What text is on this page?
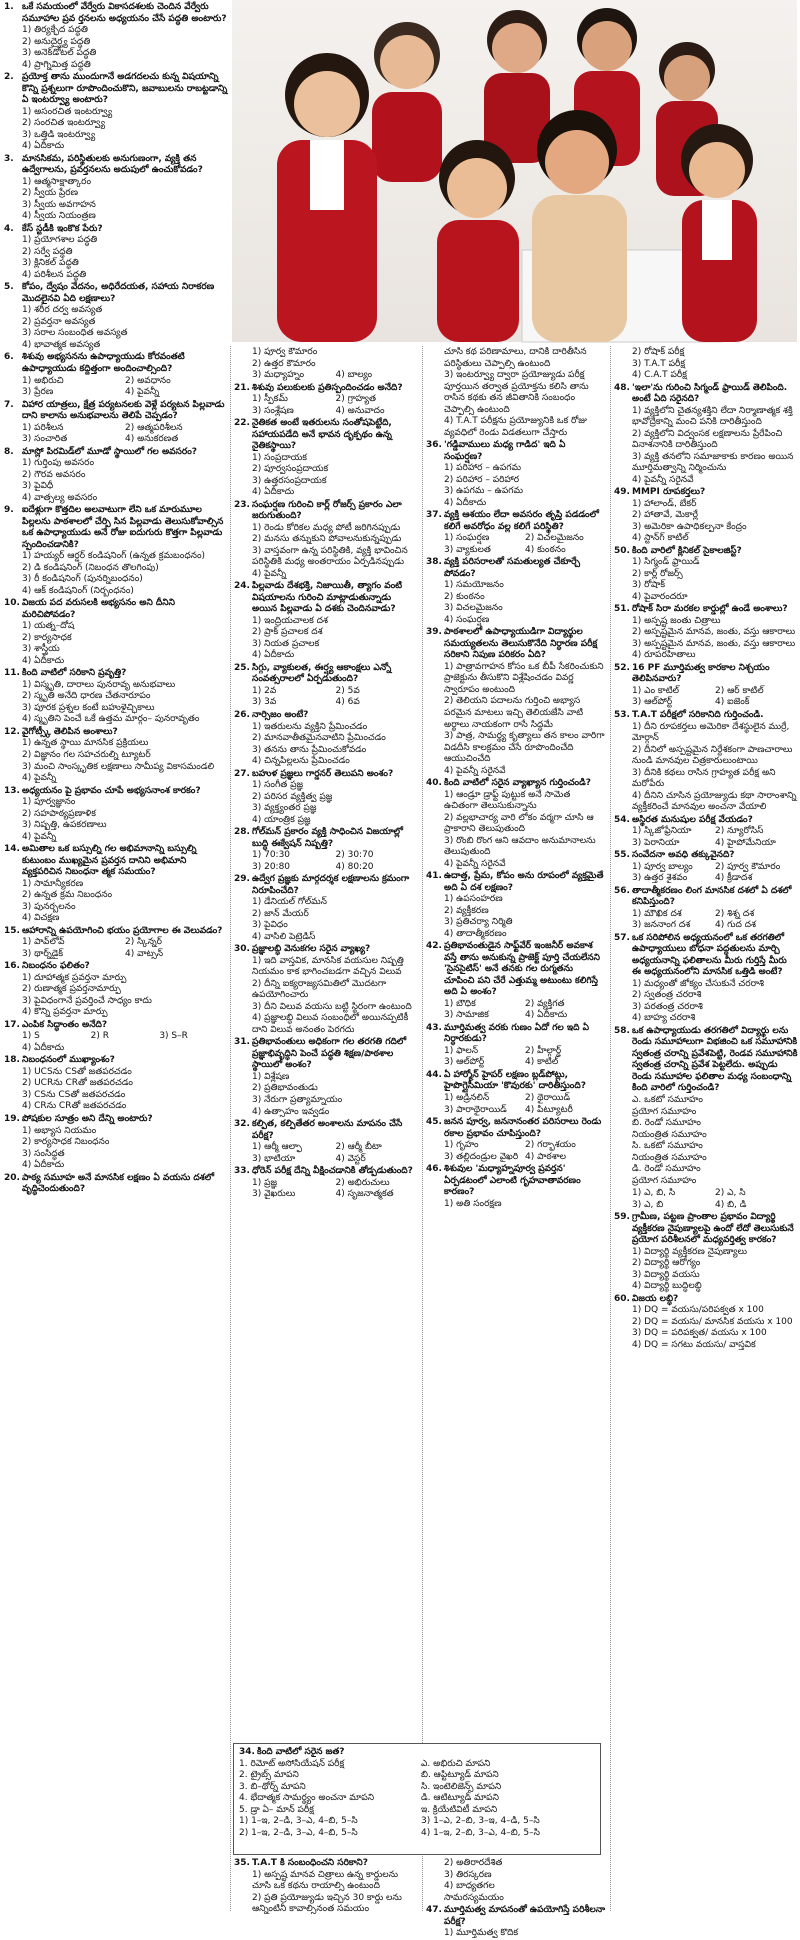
1. ఒకే సమయంలో వేర్వేరు వికాసదశలకు చెందిన వేర్వేరు సమూహాల ప్రవ ర్తనలను అధ్యయనం చేసే పద్ధతి అంటారు?
1) తిర్యక్ఛేద పద్ధతి
2) అనుదైర్ఘ్య పద్ధతి
3) అనెక్‌డోటల్ పద్ధతి
4) ప్రాగ్నిమిత్త పద్ధతి
2. ప్రయోక్త తాను ముందుగానే అడగదలచు కున్న విషయాన్ని కొన్ని ప్రశ్నలుగా రూపొందించుకొని, జవాబులను రాబట్టడాన్ని ఏ ఇంటర్వ్యూ అంటారు?
1) అసంరచిత ఇంటర్వ్యూ
2) సంరచిత ఇంటర్వ్యూ
3) ఒత్తిడి ఇంటర్వ్యూ
4) ఏదీకాదు
3. మానసికమ, పరిస్థితులకు అనుగుణంగా, వ్యక్తి తన ఉద్వేగాలను, ప్రవర్తనలను అదుపులో ఉంచుకోవడం?
1) ఆత్మసాక్షాత్కారం
2) స్వీయ ప్రేరణ
3) స్వీయ అవగాహన
4) స్వీయ నియంత్రణ
4. కేస్ స్టడీకి ఇంకొక పేరు?
1) ప్రయోగశాల పద్ధతి
2) సర్వే పద్ధతి
3) క్లినికల్ పద్ధతి
4) పరిశీలన పద్ధతి
5. కోపం, ద్వేషం వేదనం, అధిరేదయత, సహాయ నిరాకరణ మొదలైనవి ఏది లక్షణాలు?
1) శరీర దర్వ అవస్యత
2) ప్రవర్తనా అవస్యత
3) సరాల సంబంధిత అవస్యత
4) భావాత్మక అవస్యత
6. శిశువు అభ్యసనను ఉపాధ్యాయుడు కోరవంతటి ఉపాధ్యాయుడు కద్దిత్తంగా అందించాల్సింది?
1) అభిరుచి	2) అవధానం
3) ప్రేరణ	4) పైవన్నీ
7. విహార యాత్రలు, క్షేత్ర పర్యటనలకు వెళ్లే పర్యటన పిల్లవాడు దాని కాలాను అనుభవాలను తెలిపే చెప్పడం?
1) పరిశీలన	2) ఆత్మపరిశీలన
3) సంచారిత	4) అనుకరణత
8. మాస్లో పిరమిడ్‌లో మూడో స్థాయిలో గల అవసరం?
1) గుర్తింపు అవసరం
2) గౌరవ అవసరం
3) పైవిధీ
4) వాత్సల్య అవసరం
9. ఐదేళ్లుగా కొత్తదిల అలవాటుగా లేని ఒక మారుమూల పిల్లలను పాఠశాలలో చేర్పి సిన పిల్లవాడు తెలుసుకోవాల్సిన ఒక ఉపాధ్యాయుడు అనే రోజు ఐదుగురు కొత్తగా పిల్లవాడు స్పందించడానికి?
1) హయ్యర్ ఆర్డర్ కండిషనింగ్ (ఉన్నత క్రమబంధనం)
2) డి కండిషనింగ్ (నిబంధన తొలగింపు)
3) రీ కండిషనింగ్ (పునర్నిబంధనం)
4) ఆక్ కండిషనింగ్ (నిర్బంధనం)
10. విజయ పద వరుసలకి అభ్యసనం అని దీనిని మరిచిపోవడం?
1) యత్న–దోష
2) కార్యసాధక
3) శాస్త్రీయ
4) ఏదీకాదు
11. కింది వాటిలో సరికాని ప్రవృత్తి?
1) విస్మృతి, దారాలు పునరావృ అనుభవాలు
2) స్మృతి అనేది ధారణ చేతనారూపం
3) పూరక ప్రశ్నల కంటే బహుళైచ్ఛికాలు
4) స్మృతిని పెంచే ఒకే ఉత్తమ మార్గం– పునరావృతం
12. వైగోట్స్కీ తెలిపిన అంశాలు?
1) ఉన్నత స్థాయి మానసిక ప్రక్రియలు
2) విజ్ఞానం గల సహచరుల్ని ట్యూటర్
3) మంచి సాంస్కృతిక లక్షణాలు సామీప్య వికాసమండలి
4) పైవన్నీ
13. అధ్యయనం పై ప్రభావం చూపే అభ్యసనాంశ కారకం?
1) పూర్వజ్ఞానం
2) సహపాఠ్యప్రణాళిక
3) నిష్పత్తి, ఉపకరణాలు
4) పైవన్నీ
14. అమితాల ఒక బస్సుల్ని గల అభిమానాన్ని బస్సుల్ని కుటుంబం ముఖ్యమైన ప్రవర్తన దానిని అభిమాని వ్యక్తపరిచిన నిబంధనా త్మక సమయం?
1) సామాన్యీకరణ
2) ఉన్నత క్రమ నిబంధనం
3) పునర్బలనం
4) విచక్షణ
15. ఆహారాన్ని ఉపయోగించి భయం ప్రయోగాల ఈ వెలువడం?
1) పావ్‌లోవ్	2) స్కిన్నర్
3) థార్న్‌డైక్	4) వాట్సన్
16. నిబంధనం ఫలితం?
1) దూహాత్మక ప్రవర్తనా మార్పు
2) రుణాత్మక ప్రవర్తనామార్పు
3) పైవిధంగానే ప్రవర్తించే సాధ్యం కాదు
4) కొన్ని ప్రవర్తనా మార్పు
17. ఎంపిక సిద్ధాంతం అనేది?
1) S	2) R	3) S–R
4) ఏదీకాదు
18. నిబంధనంలో ముఖ్యాంశం?
1) UCSను CSతో జతపరచడం
2) UCRను CRతో జతపరచడం
3) CSను CSతో జతపరచడం
4) CRను CRతో జతపరచడం
19. పోషకుల సూత్రం అని దేన్ని అంటారు?
1) అభ్యాస నియమం
2) కార్యసాధక నిబంధనం
3) సంసిద్ధత
4) ఏదీకాదు
20. పాఠ్య సమూహ అనే మానసిక లక్షణం ఏ వయసు దశలో వృద్ధిచెందుతుంది?
1) పూర్వ కౌమారం
2) ఉత్తర కౌమారం
3) మధ్యాహ్నం	4) బాల్యం
21. శిశువు పలుకులకు ప్రతిస్పందించడం అనేది?
1) స్పీకమ్	2) గ్రాహ్యత
3) సంశ్లేషణ	4) అనువాదం
22. నైతికత అంటే ఇతరులను సంతోషపెట్టేది, సహాయపడేది అనే భావన దృక్పథం ఉన్న నైతికస్థాయి?
1) సంప్రదాయక
2) పూర్వసంప్రదాయక
3) ఉత్తరసంప్రదాయక
4) ఏదీకాదు
23. సంఘర్షణ గురించి కార్ల్ రోజర్స్ ప్రకారం ఎలా జరుగుతుంది?
1) రెండు కోరికల మధ్య పోటీ జరిగినప్పుడు
2) మనసు తన్నుకుని పోవాలనుకున్నప్పుడు
3) వాస్తవంగా ఉన్న పరిస్థితికి, వ్యక్తి భావించిన పరిస్థితికి మధ్య అంతరాయం ఏర్పడినప్పుడు
4) పైవన్నీ
24. పిల్లవాడు దేశభక్తి, నిజాయితీ, త్యాగం వంటి విషయాలను గురించి మాట్లాడుతున్నాడు అయిన పిల్లవాడు ఏ దశకు చెందినవాడు?
1) ఇంద్రియచాలక దశ
2) ప్రాక్ ప్రచాలక దశ
3) నియత ప్రచాలక
4) ఏదీకాదు
25. సిగ్గు, వ్యాకులత, ఈర్ష్య ఆకాంక్షలు ఎన్నో సంవత్సరాలలో ఏర్పడుతుంది?
1) 2వ	2) 5వ
3) 3వ	4) 6వ
26. నార్సిజం అంటే?
1) ఇతరులను వ్యక్తిని ప్రేమించడం
2) మానవాతీతమైనవాటిని ప్రేమించడం
3) తనను తాను ప్రేమించుకోవడం
4) చిన్నపిల్లలను ప్రేమించడం
27. బహుళ ప్రజ్ఞలు గార్డనర్ తెలుపని అంశం?
1) సంగీత ప్రజ్ఞ
2) పరిసర వ్యక్తిత్వ ప్రజ్ఞ
3) వ్యక్త్యంతర ప్రజ్ఞ
4) యాంత్రిక ప్రజ్ఞ
28. గోల్‌మన్ ప్రకారం వ్యక్తి సాధించిన విజయాల్లో బుద్ధి ఈక్వేషన్ నిష్పత్తి?
1) 70:30	2) 30:70
3) 20:80	4) 80:20
29. ఉద్వేగ ప్రజ్ఞకు మార్గదర్శక లక్షణాలను క్రమంగా నిరూపించేది?
1) డేనియల్ గోల్‌మన్
2) జాన్ మేయర్
3) పైవిధం
4) వాసిలి పెట్రెడిస్
30. ప్రజ్ఞాలబ్ధి వెనుకగల సరైన వ్యాఖ్య?
1) ఇది వాస్తవిక, మానసిక వయసుల నిష్పత్తి నియమం కాక భాగించబడగా వచ్చిన విలువ
2) దీన్ని ఐక్యరాజ్యసమితిలో మొదటగా ఉపయోగించారు
3) దీని విలువ వయసు బట్టి స్థిరంగా ఉంటుంది
4) ప్రజ్ఞాలబ్ధి విలువ సంబంధిలో అయినప్పటికీ దాని విలువ అనంతం పెరగదు
31. ప్రతిభావంతులు అధికంగా గల తరగతి గదిలో ప్రజ్ఞాభివృద్ధిని పెంచే పద్ధతి శిక్షణ/పాఠశాల స్థాయిలో అంశం?
1) విశ్లేషణ
2) ప్రతిభావంతుడు
3) నేరుగా ప్రత్యామ్నాయం
4) ఉత్సాహం ఇవ్వడం
32. కల్పిత, కల్పితేతర అంశాలను మాపనం చేసే పరీక్ష?
1) ఆర్మీ ఆల్ఫా	2) ఆర్మీ బీటా
3) భాటియా	4) వెస్టర్
33. ధోరెన్ పరీక్ష దేన్ని వీక్షించడానికి తోడ్పడుతుంది?
1) ప్రజ్ఞ	2) అభిరుచులు
3) వైఖరులు	4) సృజనాత్మకత
చూసి కథ పరిణామాలు, దానికి దారితీసిన పరిస్థితులు చెప్పాల్సి ఉంటుంది
3) ఇంటర్వ్యూ ద్వారా ప్రయోజ్యుడు పరీక్ష పూర్తయిన తర్వాత ప్రయోక్తను కలిసి తాను రాసిన కథకు తన జీవితానికి సంబంధం చెప్పాల్సి ఉంటుంది
4) T.A.T పరీక్షను ప్రయోజ్యునికి ఒక రోజు వ్యవధిలో రెండు విడతలుగా చేస్తారు
36. 'గడ్డివాములు మధ్య గాడిద' ఇది ఏ సంఘర్షణ?
1) పరిహార – ఉపగమ
2) పరిహార – పరిహార
3) ఉపగమ – ఉపగమ
4) ఏదీకాదు
37. వ్యక్తి ఆశయం లేదా అవసరం తృప్తి పడడంలో కలిగే అవరోధం వల్ల కలిగే పరిస్థితి?
1) సంఘర్షణ	2) విచలమైజనం
3) వ్యాకులత	4) కుంఠనం
38. వ్యక్తి పరిసరాలతో సమతుల్యత చేకూర్చే పోవడం?
1) సమయోజనం
2) కుంఠనం
3) విచలమైజనం
4) సంఘర్షణ
39. పాఠశాలలో ఉపాధ్యాయుడిగా విద్యార్థుల సమయ్యతలను తెలుసుకొనేది నిర్ధారణ పరీక్ష సరికాని నిపుణ పరికరం ఏది?
1) పాత్రావగాహన కోసం ఒక బీపీ సేకరించుకుని ప్రాజెక్టును తీసుకొని విశ్లేషించడం వివర్ణ స్వారూపం అంటుంది
2) తెలియని పదాలను గుర్తించి అభ్యాస పరమైన మాటలు ఇచ్చి తెలియజేసి వాటి అర్థాలు నాయకంగా రాసే సిద్ధమే
3) పాత్ర, సామర్థ్య కృత్యాలు తన కాలం వారిగా విడదీసి కాలక్రమం చేసే రూపొందించేది ఆయుచించేది
4) పైవన్నీ సరైనవే
40. కింది వాటిలో సరైన వ్యాఖ్యాన గుర్తించండి?
1) ఆండ్రూ డ్రాఫ్ట్ పుట్టుక అనే సామెత ఉచితంగా తెలుసుకున్నాను
2) వల్లభాచార్య వారి లోకం వర్మగా చూసి ఆ ప్రాకారాని తెలుపుతుంది
3) రొంబి రొంగ ఆని ఆవదాం అనుమానాలను తెలుపుతుంది
4) పైవన్నీ సరైనవే
41. ఉదాత్త, ప్రేమ, కోపం అను రూపంలో వ్యక్తమైతే అది ఏ దశ లక్షణం?
1) ఉపసంహరణ
2) వ్యక్తీకరణ
3) ప్రతిచర్యా నిర్మితి
4) తాదాత్మీకరణం
42. ప్రతిభావంతుడైన సాఫ్ట్‌వేర్ ఇంజనీర్ అవకాశ వస్తే తాను అనుకున్న ప్రాజెక్ట్ పూర్తి చేయలేనని 'సైనసైటిస్' అనే తనకు గల రుగ్మతను చూపించి పని చేరే ఎత్తుమ్మ అటుంటు కలిగిస్తే అది ఏ అంశం?
1) బౌధిక	2) వ్యక్తిగత
3) సామాజిక	4) ఏదీకాదు
43. మూర్తిమత్వ వరకు గుణం ఏదో గల ఇది ఏ నిర్ధారకుడు?
1) ఫాలన్	2) హీల్గార్డ్
3) ఆల్‌పోర్ట్	4) కాటిల్
44. ఏ హార్మోన్ హైపర్ లక్షణం బ్లడ్‌పోట్లు, హైపొగ్లైసీమియా 'కొవురకు' దారితీస్తుంది?
1) అడ్రినలిన్	2) థైరాయిడ్
3) పారాథైరాయిడ్	4) పిట్యూటరీ
45. జనన పూర్వ, జననానంతర పరిసరాలు రెండు రకాల ప్రభావం చూపిస్తుంది?
1) గృహం	2) గర్భాశయం
3) తల్లిదండ్రుల వైఖరి 4) పాఠశాల
46. శిశువుల 'మధ్యాహ్నపూర్వ ప్రవర్తన' ఏర్పడటంలో ఎలాంటి గృహవాతావరణం కారణం?
1) అతి సంరక్షణ
2) రోషాక్ పరీక్ష
3) T.A.T పరీక్ష
4) C.A.T పరీక్ష
48. 'ఇలా'ను గురించి సిగ్మండ్ ఫ్రాయిడ్ తెలిపింది. అంటే ఏది సరైనది?
1) వ్యక్తిలోని చైతన్యశక్తిని లేదా నిర్మాణాత్మక శక్తి భావోద్రేకాన్ని మంచి పనికి దారితీస్తుంది
2) వ్యక్తిలోని విద్వంసక లక్షణాలను ప్రేరేపించి వినాశనానికి దారితీస్తుంది
3) వ్యక్తి తనలోని సమాజాకాకు కారణం అయిన మూర్తిమత్వాన్ని నిర్మించును
4) పైవన్నీ సరైనవే
49. MMPI రూపకర్తలు?
1) హాలాండ్, బేకర్
2) హాతావే, మెకార్లే
3) అమెరికా ఉపాధికల్పనా కేంద్రం
4) స్టాన్‌గ్ కాటిల్
50. కింది వారిలో క్లినికల్ సైకాలజిస్ట్?
1) సిగ్మండ్ ఫ్రాయిడ్
2) కార్ల్ రోజర్స్
3) రోషాక్
4) పైవారందరూ
51. రోషాక్ సిరా మరకల కార్డుల్లో ఉండే అంశాలు?
1) అస్పష్ట జంతు చిత్రాలు
2) అస్పష్టమైన మానవ, జంతు, వస్తు ఆకారాలు
3) అస్పష్టమైన మానవ, జంతు, వస్తు ఆకారాలు
4) రూపరహితాలు
52. 16 PF మూర్తిమత్వ కారకాల నిశ్చయం తెలిపినవారు?
1) ఎం కాటిల్	2) ఆర్ కాటిల్
3) ఆల్‌పోర్ట్	4) ఐజెంక్
53. T.A.T పరీక్షలో సరికానిది గుర్తించండి.
1) దీని రూపకర్తలు అమెరికా దేశస్థులైన ముర్రే, మోర్గాన్
2) దీనిలో అస్పష్టమైన నిర్దేశకంగా పాణచారాలు నుండి మానవుల చిత్రకారులుంటాయి
3) దీనికి కథలు రాసిన గ్రాహ్యత పరీక్ష అని మరోపేరు
4) దీనిని చూసిన ప్రయోజ్యుడు కథా సారాంశాన్ని వ్యక్తీకరించే మానవుల అంచనా వేయాలి
54. అస్థిరత మనుషుల పరీక్ష వేయడం?
1) స్కిజోఫ్రేనియా	2) న్యూరోసిస్
3) పెరానియా	4) హైపోమేనియా
55. సంవేదనా అవధి తక్కువైనది?
1) పూర్వ బాల్యం	2) పూర్వ కౌమారం
3) ఉత్తర శైశవం	4) క్రీడాదశ
56. తాదాత్మీకరణం లింగ మానసిక దశలో ఏ దశలో కనిపిస్తుంది?
1) మౌఖిక దశ	2) శిశ్న దశ
3) జననాంగ దశ	4) గుద దశ
57. ఒక సరిపోలిన అధ్యయనంలో ఒక తరగతిలో ఉపాధ్యాయులు బోధనా పద్ధతులను మార్చి అధ్యయనాన్ని ఫలితాలను మీరు గుర్తిస్తే మీరు ఈ అధ్యయనంలోని మానసిక ఒత్తిడి అంటే?
1) మధ్యంతో జోక్యం చేసుకునే చరరాశి
2) స్వతంత్ర చరరాశి
3) పరతంత్ర చరరాశి
4) బాహ్య చరరాశి
58. ఒక ఉపాధ్యాయుడు తరగతిలో విద్యార్థు లను రెండు సమూహాలుగా విభజించి ఒక సమూహానికి స్వతంత్ర చరాన్ని ప్రవేశపెట్టి, రెండవ సమూహానికి స్వతంత్ర చరాన్ని ప్రవేశ పెట్టలేదు. అప్పుడు రెండు సమూహాల ఫలితాల మధ్య సంబంధాన్ని కింది వారిలో గుర్తించండి?
ఎ. ఒకటో సమూహం
ప్రయోగ సమూహం
బి. రెండో సమూహం
నియంత్రిత సమూహం
సి. ఒకటో సమూహం
నియంత్రిత సమూహం
డి. రెండో సమూహం
ప్రయోగ సమూహం
1) ఎ, బి, సి	2) ఎ, సి
3) ఎ, బి	4) బి, డి
59. గ్రామీణ, పట్టణ ప్రాంతాల ప్రభావం విద్యార్థి వ్యక్తీకరణ నైపుణ్యాలపై ఉందో లేదో తెలుసుకునే ప్రయోగ పరిశీలనలో మధ్యవర్తిత్వ కారకం?
1) విద్యార్థి వ్యక్తీకరణ నైపుణ్యాలు
2) విద్యార్థి ఆరోగ్యం
3) విద్యార్థి వయసు
4) విద్యార్థి బుద్ధిలబ్ధి
60. విజయ లబ్ధి?
1) DQ = వయసు/పరిపక్వత x 100
2) DQ = వయసు/ మానసిక వయసు x 100
3) DQ = పరిపక్వత/ వయసు x 100
4) DQ = సగటు వయసు/ వాస్తవిక
34. కింది వాటిలో సరైన జత?
1. రిమోట్ అసోసియేషన్ పరీక్ష	ఎ. అభిరుచి మాపని
2. ట్రైబ్స్ మాపని	బి. ఆప్టిట్యూడ్ మాపని
3. బి–థోర్న్ మాపని	సి. ఇంటెలిజెన్స్ మాపని
4. భేదాత్మక సామర్థ్యం అంచనా మాపని	డి. ఆటిట్యూడ్ మాపని
5. డ్రా ఏ– మాన్ పరీక్ష	ఇ. క్రియేటివిటీ మాపని
1) 1–ఇ, 2–డి, 3–ఎ, 4–బి, 5–సి	3) 1–ఎ, 2–బి, 3–ఇ, 4–డి, 5–సి
2) 1–ఇ, 2–డి, 3–ఎ, 4–బి, 5–సి	4) 1–ఇ, 2–బి, 3–ఎ, 4–బి, 5–సి
35. T.A.T కి సంబంధించని సరికాని?
1) అస్పష్ట మానవ చిత్రాలు ఉన్న కార్డులను చూసి ఒక కథను రాయాల్సి ఉంటుంది
2) ప్రతి ప్రయోజ్యుడు ఇచ్చిన 30 కార్డు లను ఆన్నింటినీ కావాల్సినంత సమయం
2) అతిరారదేశిత
3) తిరస్కరణ
4) బాధ్యతగల సామరస్యమయం
47. మూర్తిమత్వ మాపనంతో ఉపయోగిస్తే పరిశీలనా పరీక్ష?
1) మూర్తిమత్వ కొదిక
